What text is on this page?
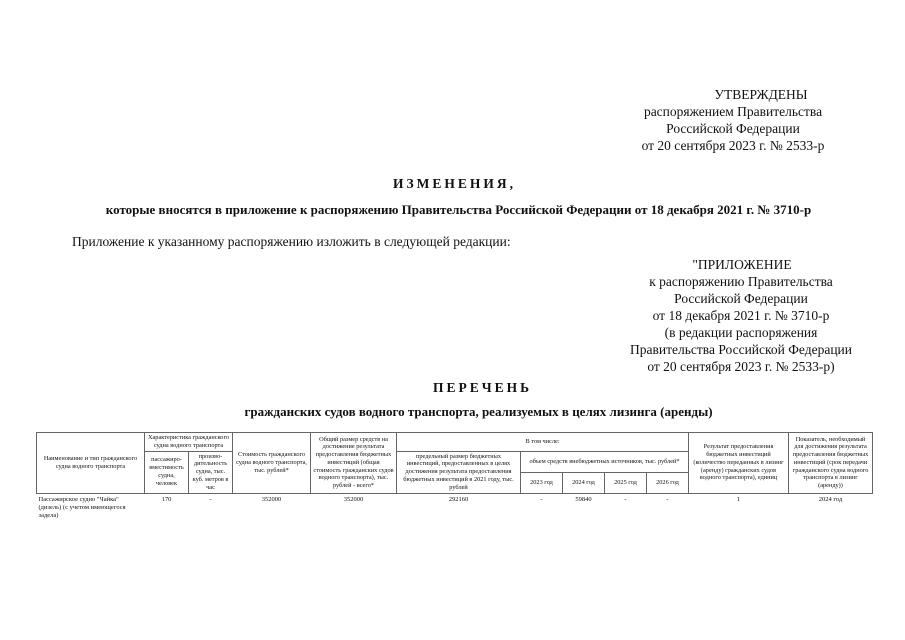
УТВЕРЖДЕНЫ
распоряжением Правительства
Российской Федерации
от 20 сентября 2023 г. № 2533-р
ИЗМЕНЕНИЯ,
которые вносятся в приложение к распоряжению Правительства Российской Федерации от 18 декабря 2021 г. № 3710-р
Приложение к указанному распоряжению изложить в следующей редакции:
"ПРИЛОЖЕНИЕ
к распоряжению Правительства
Российской Федерации
от 18 декабря 2021 г. № 3710-р
(в редакции распоряжения
Правительства Российской Федерации
от 20 сентября 2023 г. № 2533-р)
ПЕРЕЧЕНЬ
гражданских судов водного транспорта, реализуемых в целях лизинга (аренды)
Наименование и тип гражданского судна водного транспорта	Характеристика гражданского судна водного транспорта		Стоимость гражданского судна водного транспорта, тыс. рублей*	Общий размер средств на достижение результата предоставления бюджетных инвестиций (общая стоимость гражданских судов водного транспорта), тыс. рублей - всего*	В том числе:					Результат предоставления бюджетных инвестиций (количество переданных в лизинг (аренду) гражданских судов водного транспорта), единиц	Показатель, необходимый для достижения результата предоставления бюджетных инвестиций (срок передачи гражданского судна водного транспорта в лизинг (аренду))
	пассажиро-вместимость судна, человек	произво-дительность судна, тыс. куб. метров в час			предельный размер бюджетных инвестиций, предоставленных в целях достижения результата предоставления бюджетных инвестиций в 2021 году, тыс. рублей	объем средств внебюджетных источников, тыс. рублей*					
						2023 год	2024 год	2025 год	2026 год		
Пассажирское судно "Чайка" (дизель) (с учетом имеющегося задела)	170	-	352000	352000	292160	-	59840	-	-	1	2024 год
